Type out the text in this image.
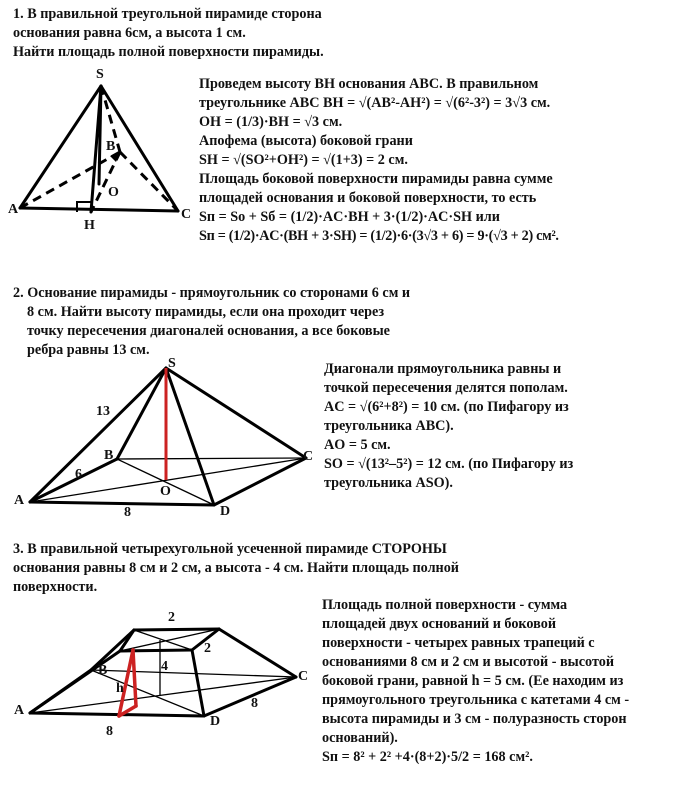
1. В правильной треугольной пирамиде сторона
основания равна 6см, а высота 1 см.
Найти площадь полной поверхности пирамиды.
Проведем высоту BH основания ABC. В правильном
треугольнике ABC BH = √(AB²-AH²) = √(6²-3²) = 3√3 см.
OH = (1/3)·BH = √3 см.
Апофема (высота) боковой грани
SH = √(SO²+OH²) = √(1+3) = 2 см.
Площадь боковой поверхности пирамиды равна сумме
площадей основания и боковой поверхности, то есть
Sп = Sо + Sб = (1/2)·AC·BH + 3·(1/2)·AC·SH или
Sп = (1/2)·AC·(BH + 3·SH) = (1/2)·6·(3√3 + 6) = 9·(√3 + 2) см².
S
A
B
C
H
O
2. Основание пирамиды - прямоугольник со сторонами 6 см и
8 см. Найти высоту пирамиды, если она проходит через
точку пересечения диагоналей основания, а все боковые
ребра равны 13 см.
Диагонали прямоугольника равны и
точкой пересечения делятся пополам.
AC = √(6²+8²) = 10 см. (по Пифагору из
треугольника ABC).
AO = 5 см.
SO = √(13²–5²) = 12 см. (по Пифагору из
треугольника ASO).
S
A
B	C
D
O
13
6
8
3. В правильной четырехугольной усеченной пирамиде СТОРОНЫ
основания равны 8 см и 2 см, а высота - 4 см. Найти площадь полной
поверхности.
Площадь полной поверхности - сумма
площадей двух оснований и боковой
поверхности - четырех равных трапеций с
основаниями 8 см и 2 см и высотой - высотой
боковой грани, равной h = 5 см. (Ее находим из
прямоугольного треугольника с катетами 4 см -
высота пирамиды и 3 см - полуразность сторон
оснований).
Sп = 8² + 2² +4·(8+2)·5/2 = 168 см².
A
B	C
D
h
2
2
4
8
8
